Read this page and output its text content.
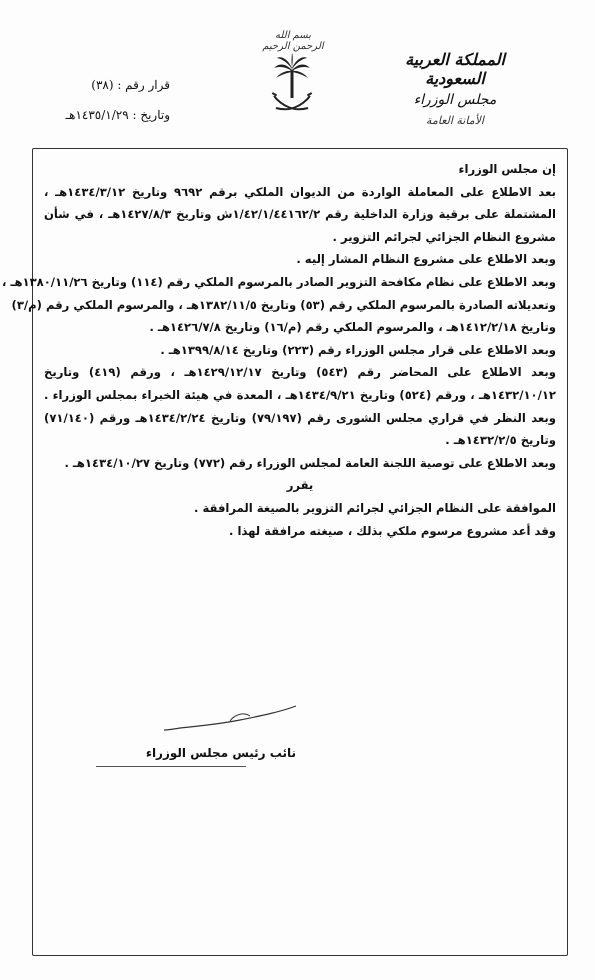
بسم الله الرحمن الرحيم
قرار رقم : (٣٨)
وتاريخ : ١٤٣٥/١/٢٩هـ
المملكة العربية السعودية
مجلس الوزراء
الأمانة العامة
إن مجلس الوزراء
بعد الاطلاع على المعاملة الواردة من الديوان الملكي برقم ٩٦٩٢ وتاريخ ١٤٣٤/٣/١٢هـ ،
المشتملة على برقية وزارة الداخلية رقم ١/٤٢/١/٤٤١٦٢/٢ش وتاريخ ١٤٢٧/٨/٣هـ ، في شأن
مشروع النظام الجزائي لجرائم التزوير .
وبعد الاطلاع على مشروع النظام المشار إليه .
وبعد الاطلاع على نظام مكافحة التزوير الصادر بالمرسوم الملكي رقم (١١٤) وتاريخ ١٣٨٠/١١/٢٦هـ ،
وتعديلاته الصادرة بالمرسوم الملكي رقم (٥٣) وتاريخ ١٣٨٢/١١/٥هـ ، والمرسوم الملكي رقم (م/٣)
وتاريخ ١٤١٢/٢/١٨هـ ، والمرسوم الملكي رقم (م/١٦) وتاريخ ١٤٢٦/٧/٨هـ .
وبعد الاطلاع على قرار مجلس الوزراء رقم (٢٢٣) وتاريخ ١٣٩٩/٨/١٤هـ .
وبعد الاطلاع على المحاضر رقم (٥٤٣) وتاريخ ١٤٢٩/١٢/١٧هـ ، ورقم (٤١٩) وتاريخ
١٤٣٢/١٠/١٢هـ ، ورقم (٥٢٤) وتاريخ ١٤٣٤/٩/٢١هـ ، المعدة في هيئة الخبراء بمجلس الوزراء .
وبعد النظر في قراري مجلس الشورى رقم (٧٩/١٩٧) وتاريخ ١٤٣٤/٢/٢٤هـ ورقم (٧١/١٤٠)
وتاريخ ١٤٣٢/٢/٥هـ .
وبعد الاطلاع على توصية اللجنة العامة لمجلس الوزراء رقم (٧٧٢) وتاريخ ١٤٣٤/١٠/٢٧هـ .
يقرر
الموافقة على النظام الجزائي لجرائم التزوير بالصيغة المرافقة .
وقد أعد مشروع مرسوم ملكي بذلك ، صيغته مرافقة لهذا .
نائب رئيس مجلس الوزراء
